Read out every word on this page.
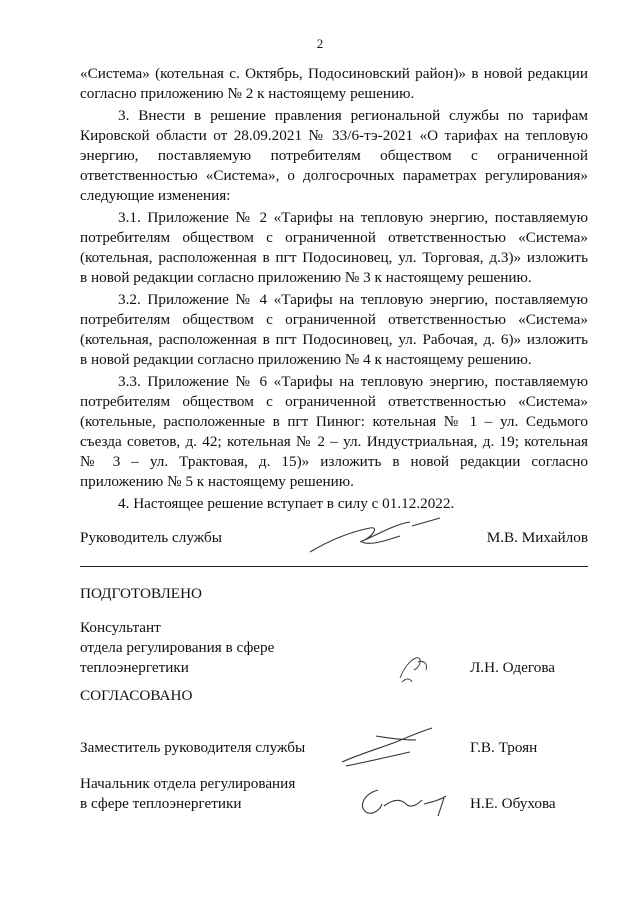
2
«Система» (котельная с. Октябрь, Подосиновский район)» в новой редакции
согласно приложению № 2 к настоящему решению.
3. Внести в решение правления региональной службы по тарифам
Кировской области от 28.09.2021 № 33/6-тэ-2021 «О тарифах на тепловую
энергию, поставляемую потребителям обществом с ограниченной
ответственностью «Система», о долгосрочных параметрах регулирования»
следующие изменения:
3.1. Приложение № 2 «Тарифы на тепловую энергию, поставляемую
потребителям обществом с ограниченной ответственностью «Система»
(котельная, расположенная в пгт Подосиновец, ул. Торговая, д.3)» изложить
в новой редакции согласно приложению № 3 к настоящему решению.
3.2. Приложение № 4 «Тарифы на тепловую энергию, поставляемую
потребителям обществом с ограниченной ответственностью «Система»
(котельная, расположенная в пгт Подосиновец, ул. Рабочая, д. 6)» изложить
в новой редакции согласно приложению № 4 к настоящему решению.
3.3. Приложение № 6 «Тарифы на тепловую энергию, поставляемую
потребителям обществом с ограниченной ответственностью «Система»
(котельные, расположенные в пгт Пинюг: котельная № 1 – ул. Седьмого
съезда советов, д. 42; котельная № 2 – ул. Индустриальная, д. 19; котельная
№ 3 – ул. Трактовая, д. 15)» изложить в новой редакции согласно
приложению № 5 к настоящему решению.
4. Настоящее решение вступает в силу с 01.12.2022.
Руководитель службы	М.В. Михайлов
ПОДГОТОВЛЕНО
Консультант
отдела регулирования в сфере
теплоэнергетики	Л.Н. Одегова
СОГЛАСОВАНО
Заместитель руководителя службы	Г.В. Троян
Начальник отдела регулирования
в сфере теплоэнергетики	Н.Е. Обухова
